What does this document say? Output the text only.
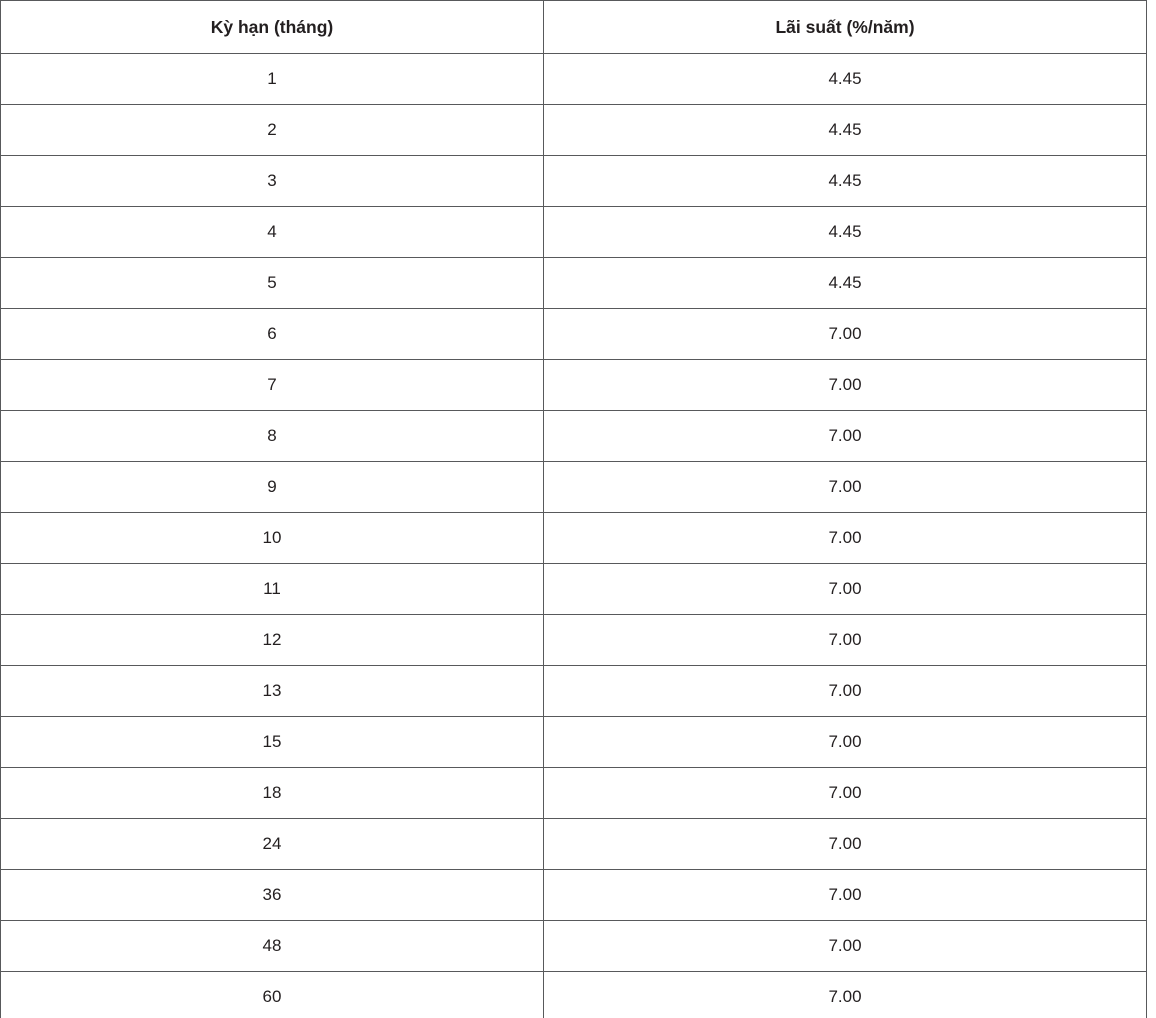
Kỳ hạn (tháng)	Lãi suất (%/năm)
1	4.45
2	4.45
3	4.45
4	4.45
5	4.45
6	7.00
7	7.00
8	7.00
9	7.00
10	7.00
11	7.00
12	7.00
13	7.00
15	7.00
18	7.00
24	7.00
36	7.00
48	7.00
60	7.00
